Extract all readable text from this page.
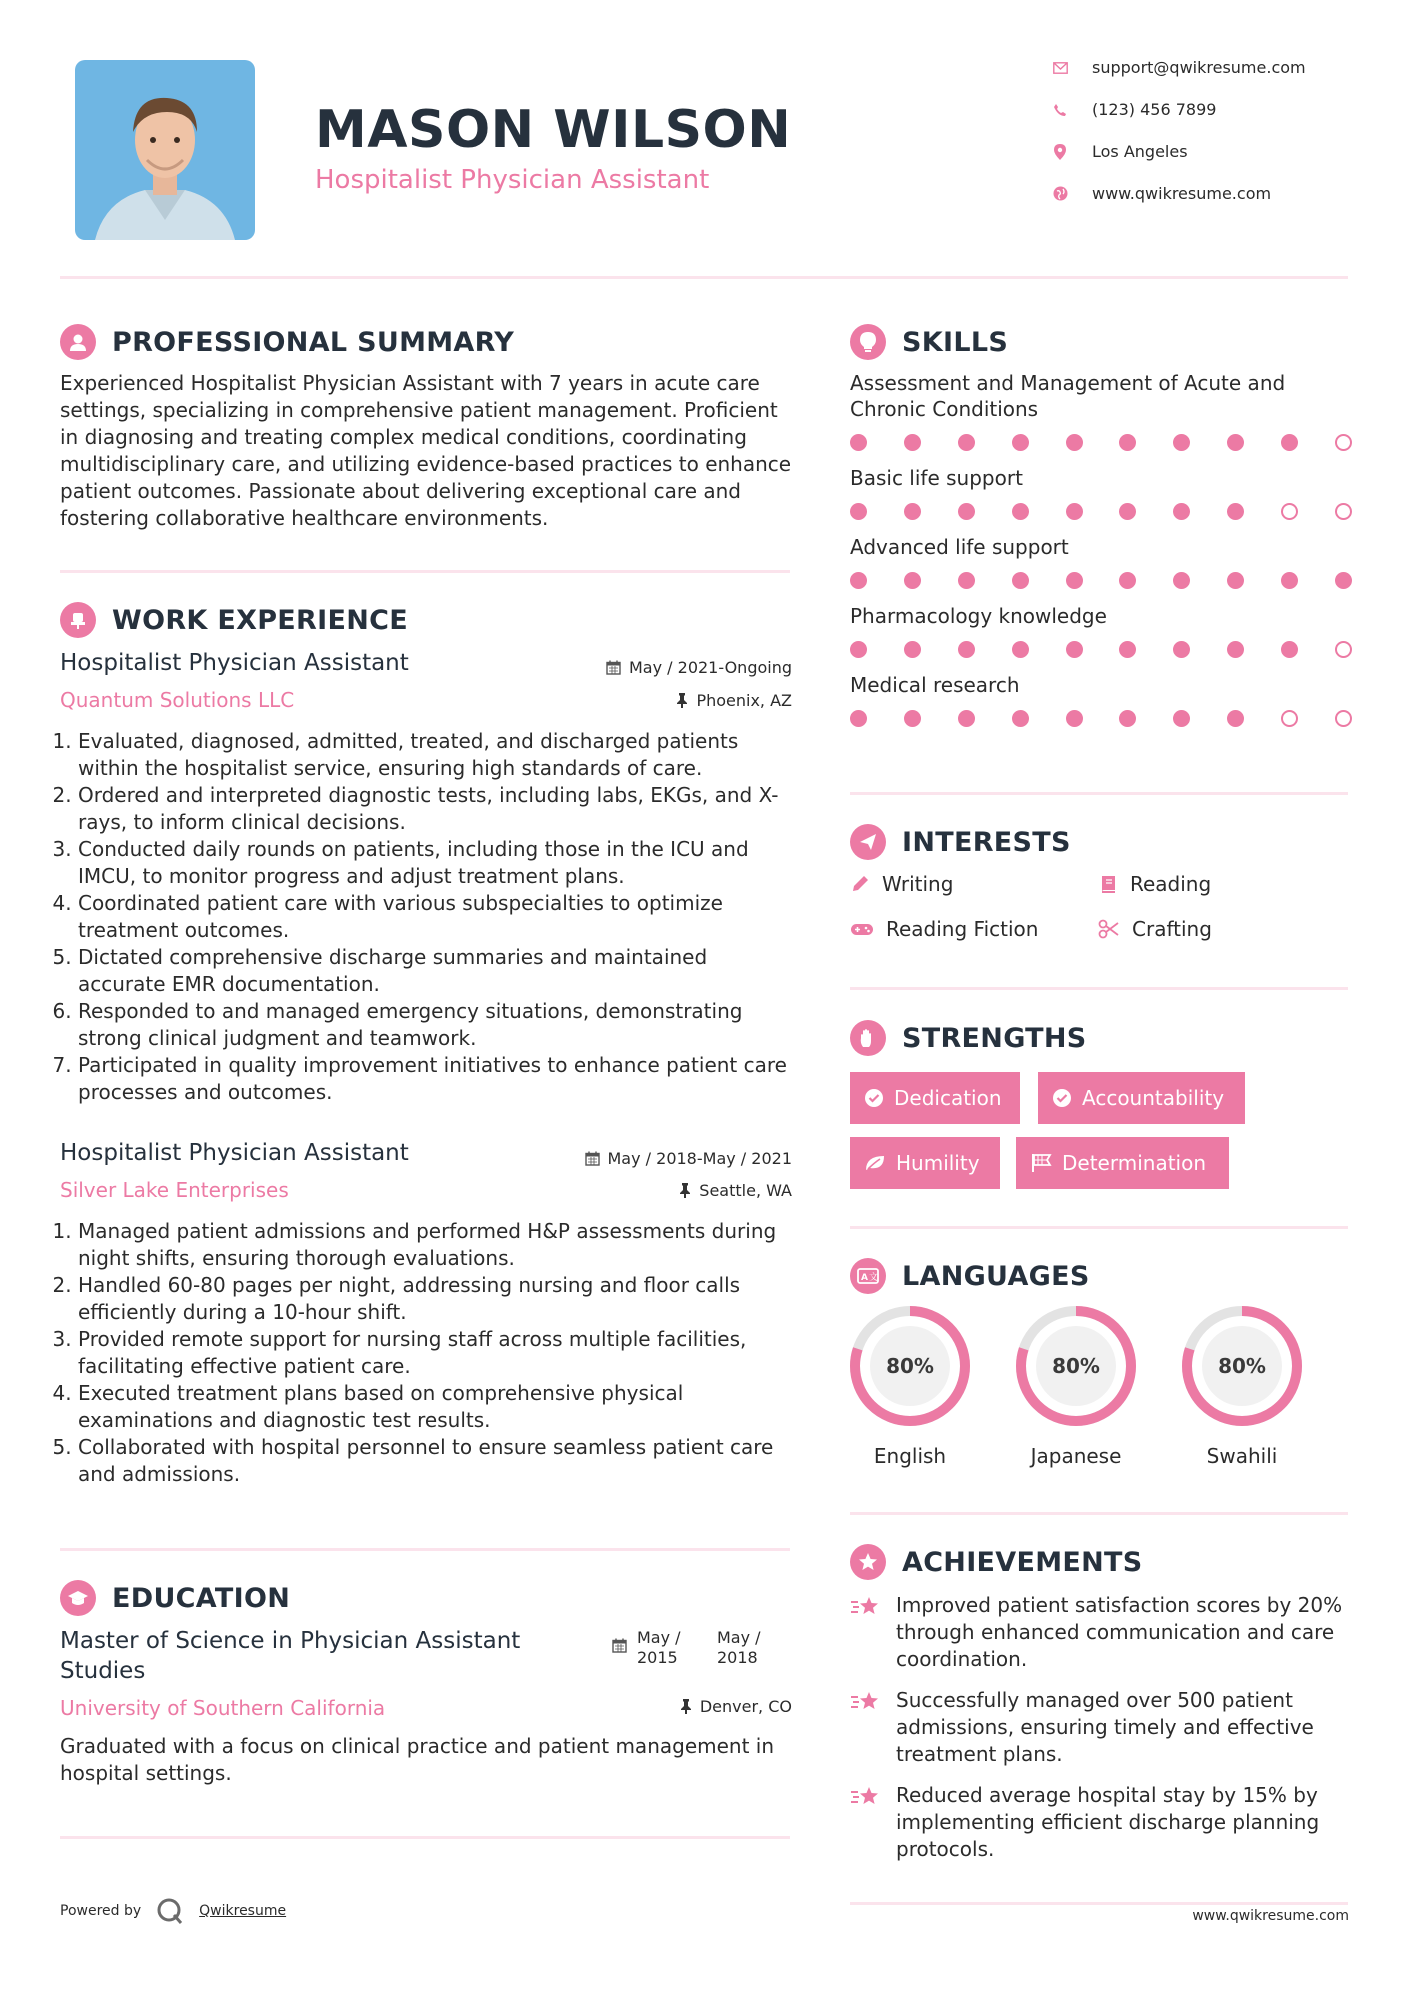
MASON WILSON
Hospitalist Physician Assistant
support@qwikresume.com
(123) 456 7899
Los Angeles
www.qwikresume.com
PROFESSIONAL SUMMARY
Experienced Hospitalist Physician Assistant with 7 years in acute care settings, specializing in comprehensive patient management. Proficient in diagnosing and treating complex medical conditions, coordinating multidisciplinary care, and utilizing evidence-based practices to enhance patient outcomes. Passionate about delivering exceptional care and fostering collaborative healthcare environments.
WORK EXPERIENCE
Hospitalist Physician Assistant	May / 2021-Ongoing
Quantum Solutions LLC	Phoenix, AZ
1. Evaluated, diagnosed, admitted, treated, and discharged patients within the hospitalist service, ensuring high standards of care.
2. Ordered and interpreted diagnostic tests, including labs, EKGs, and X-rays, to inform clinical decisions.
3. Conducted daily rounds on patients, including those in the ICU and IMCU, to monitor progress and adjust treatment plans.
4. Coordinated patient care with various subspecialties to optimize treatment outcomes.
5. Dictated comprehensive discharge summaries and maintained accurate EMR documentation.
6. Responded to and managed emergency situations, demonstrating strong clinical judgment and teamwork.
7. Participated in quality improvement initiatives to enhance patient care processes and outcomes.
Hospitalist Physician Assistant	May / 2018-May / 2021
Silver Lake Enterprises	Seattle, WA
1. Managed patient admissions and performed H&P assessments during night shifts, ensuring thorough evaluations.
2. Handled 60-80 pages per night, addressing nursing and floor calls efficiently during a 10-hour shift.
3. Provided remote support for nursing staff across multiple facilities, facilitating effective patient care.
4. Executed treatment plans based on comprehensive physical examinations and diagnostic test results.
5. Collaborated with hospital personnel to ensure seamless patient care and admissions.
EDUCATION
Master of Science in Physician Assistant Studies
May / 2015
May / 2018
University of Southern California	Denver, CO
Graduated with a focus on clinical practice and patient management in hospital settings.
Powered by	Qwikresume
SKILLS
Assessment and Management of Acute and Chronic Conditions
Basic life support
Advanced life support
Pharmacology knowledge
Medical research
INTERESTS
Writing	Reading
Reading Fiction	Crafting
STRENGTHS
Dedication	Accountability
Humility	Determination
A 文 LANGUAGES
80%
English
80%
Japanese
80%
Swahili
ACHIEVEMENTS
Improved patient satisfaction scores by 20% through enhanced communication and care coordination.
Successfully managed over 500 patient admissions, ensuring timely and effective treatment plans.
Reduced average hospital stay by 15% by implementing efficient discharge planning protocols.
www.qwikresume.com
